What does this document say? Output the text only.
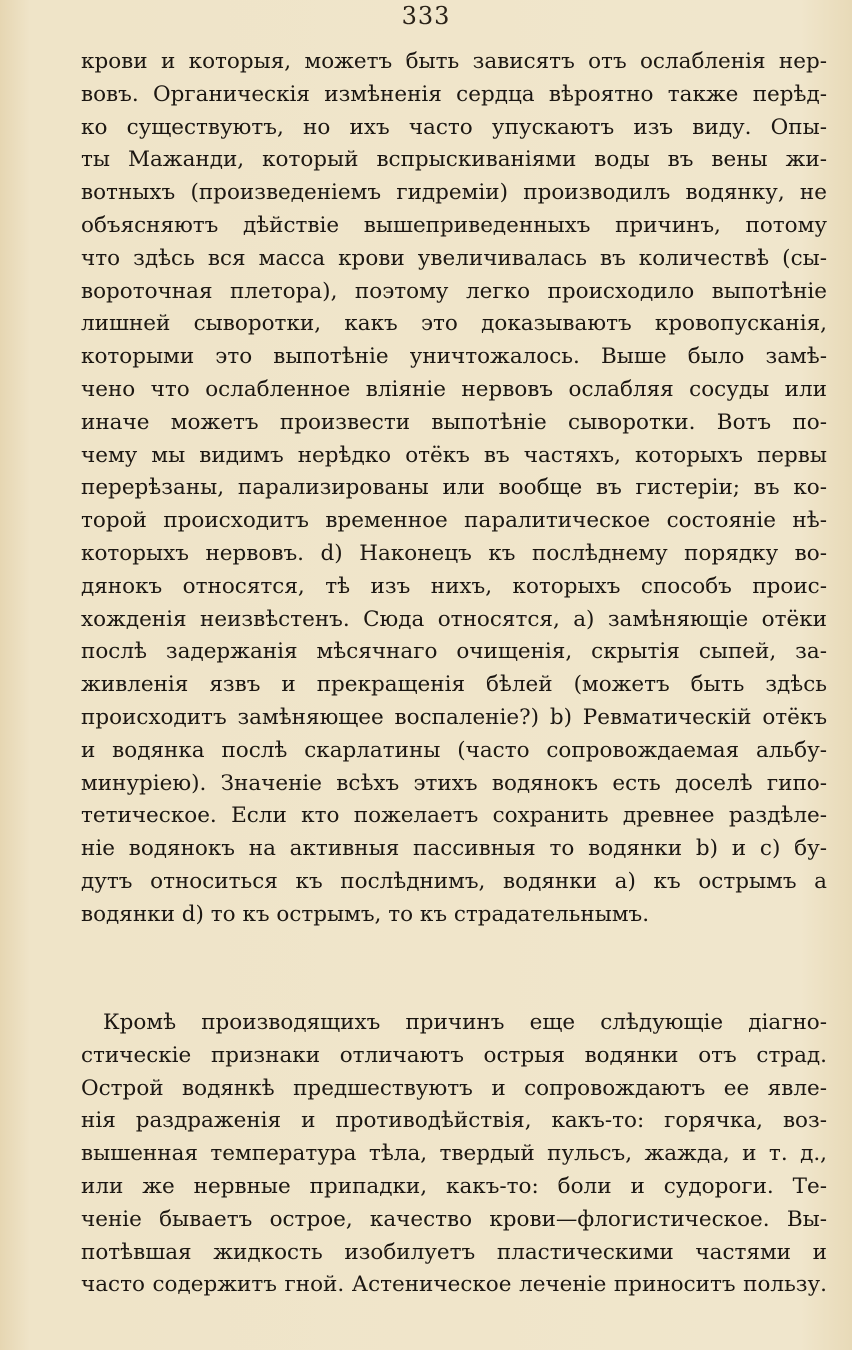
333
крови и которыя, можетъ быть зависятъ отъ ослабленія нер-
вовъ. Органическія измѣненія сердца вѣроятно также перѣд-
ко существуютъ, но ихъ часто упускаютъ изъ виду. Опы-
ты Мажанди, который вспрыскиваніями воды въ вены жи-
вотныхъ (произведеніемъ гидреміи) производилъ водянку, не
объясняютъ дѣйствіе вышеприведенныхъ причинъ, потому
что здѣсь вся масса крови увеличивалась въ количествѣ (сы-
вороточная плетора), поэтому легко происходило выпотѣніе
лишней сыворотки, какъ это доказываютъ кровопусканія,
которыми это выпотѣніе уничтожалось. Выше было замѣ-
чено что ослабленное вліяніе нервовъ ослабляя сосуды или
иначе можетъ произвести выпотѣніе сыворотки. Вотъ по-
чему мы видимъ нерѣдко отёкъ въ частяхъ, которыхъ первы
перерѣзаны, парализированы или вообще въ гистеріи; въ ко-
торой происходитъ временное паралитическое состояніе нѣ-
которыхъ нервовъ. d) Наконецъ къ послѣднему порядку во-
дянокъ относятся, тѣ изъ нихъ, которыхъ способъ проис-
хожденія неизвѣстенъ. Сюда относятся, a) замѣняющіе отёки
послѣ задержанія мѣсячнаго очищенія, скрытія сыпей, за-
живленія язвъ и прекращенія бѣлей (можетъ быть здѣсь
происходитъ замѣняющее воспаленіе?) b) Ревматическій отёкъ
и водянка послѣ скарлатины (часто сопровождаемая альбу-
минуріею). Значеніе всѣхъ этихъ водянокъ есть доселѣ гипо-
тетическое. Если кто пожелаетъ сохранить древнее раздѣле-
ніе водянокъ на активныя пассивныя то водянки b) и c) бу-
дутъ относиться къ послѣднимъ, водянки a) къ острымъ а
водянки d) то къ острымъ, то къ страдательнымъ.
Кромѣ производящихъ причинъ еще слѣдующіе діагно-
стическіе признаки отличаютъ острыя водянки отъ страд.
Острой водянкѣ предшествуютъ и сопровождаютъ ее явле-
нія раздраженія и противодѣйствія, какъ-то: горячка, воз-
вышенная температура тѣла, твердый пульсъ, жажда, и т. д.,
или же нервные припадки, какъ-то: боли и судороги. Те-
ченіе бываетъ острое, качество крови—флогистическое. Вы-
потѣвшая жидкость изобилуетъ пластическими частями и
часто содержитъ гной. Астеническое леченіе приноситъ пользу.
